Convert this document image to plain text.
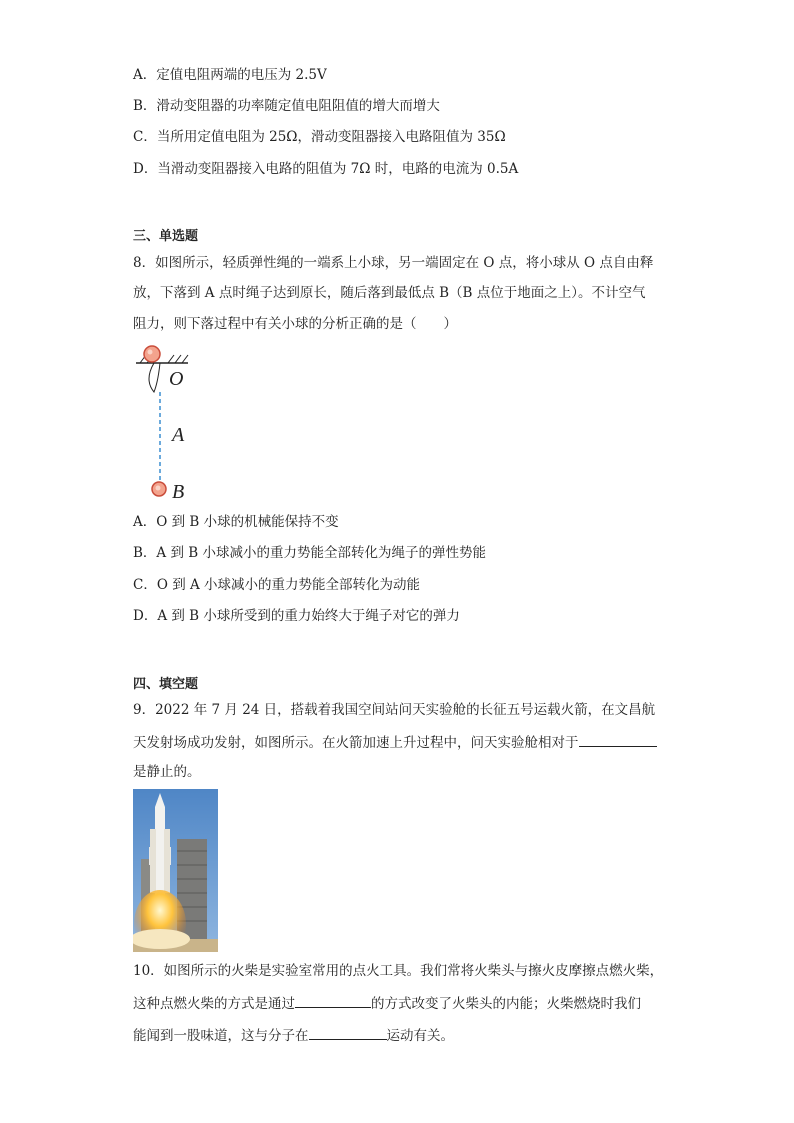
A．定值电阻两端的电压为 2.5V
B．滑动变阻器的功率随定值电阻阻值的增大而增大
C．当所用定值电阻为 25Ω，滑动变阻器接入电路阻值为 35Ω
D．当滑动变阻器接入电路的阻值为 7Ω 时，电路的电流为 0.5A
三、单选题
8．如图所示，轻质弹性绳的一端系上小球，另一端固定在 O 点，将小球从 O 点自由释
放，下落到 A 点时绳子达到原长，随后落到最低点 B（B 点位于地面之上）。不计空气
阻力，则下落过程中有关小球的分析正确的是（　　）
O
A
B
A．O 到 B 小球的机械能保持不变
B．A 到 B 小球减小的重力势能全部转化为绳子的弹性势能
C．O 到 A 小球减小的重力势能全部转化为动能
D．A 到 B 小球所受到的重力始终大于绳子对它的弹力
四、填空题
9．2022 年 7 月 24 日，搭载着我国空间站问天实验舱的长征五号运载火箭，在文昌航
天发射场成功发射，如图所示。在火箭加速上升过程中，问天实验舱相对于
是静止的。
10．如图所示的火柴是实验室常用的点火工具。我们常将火柴头与擦火皮摩擦点燃火柴，
这种点燃火柴的方式是通过	的方式改变了火柴头的内能；火柴燃烧时我们
能闻到一股味道，这与分子在	运动有关。
